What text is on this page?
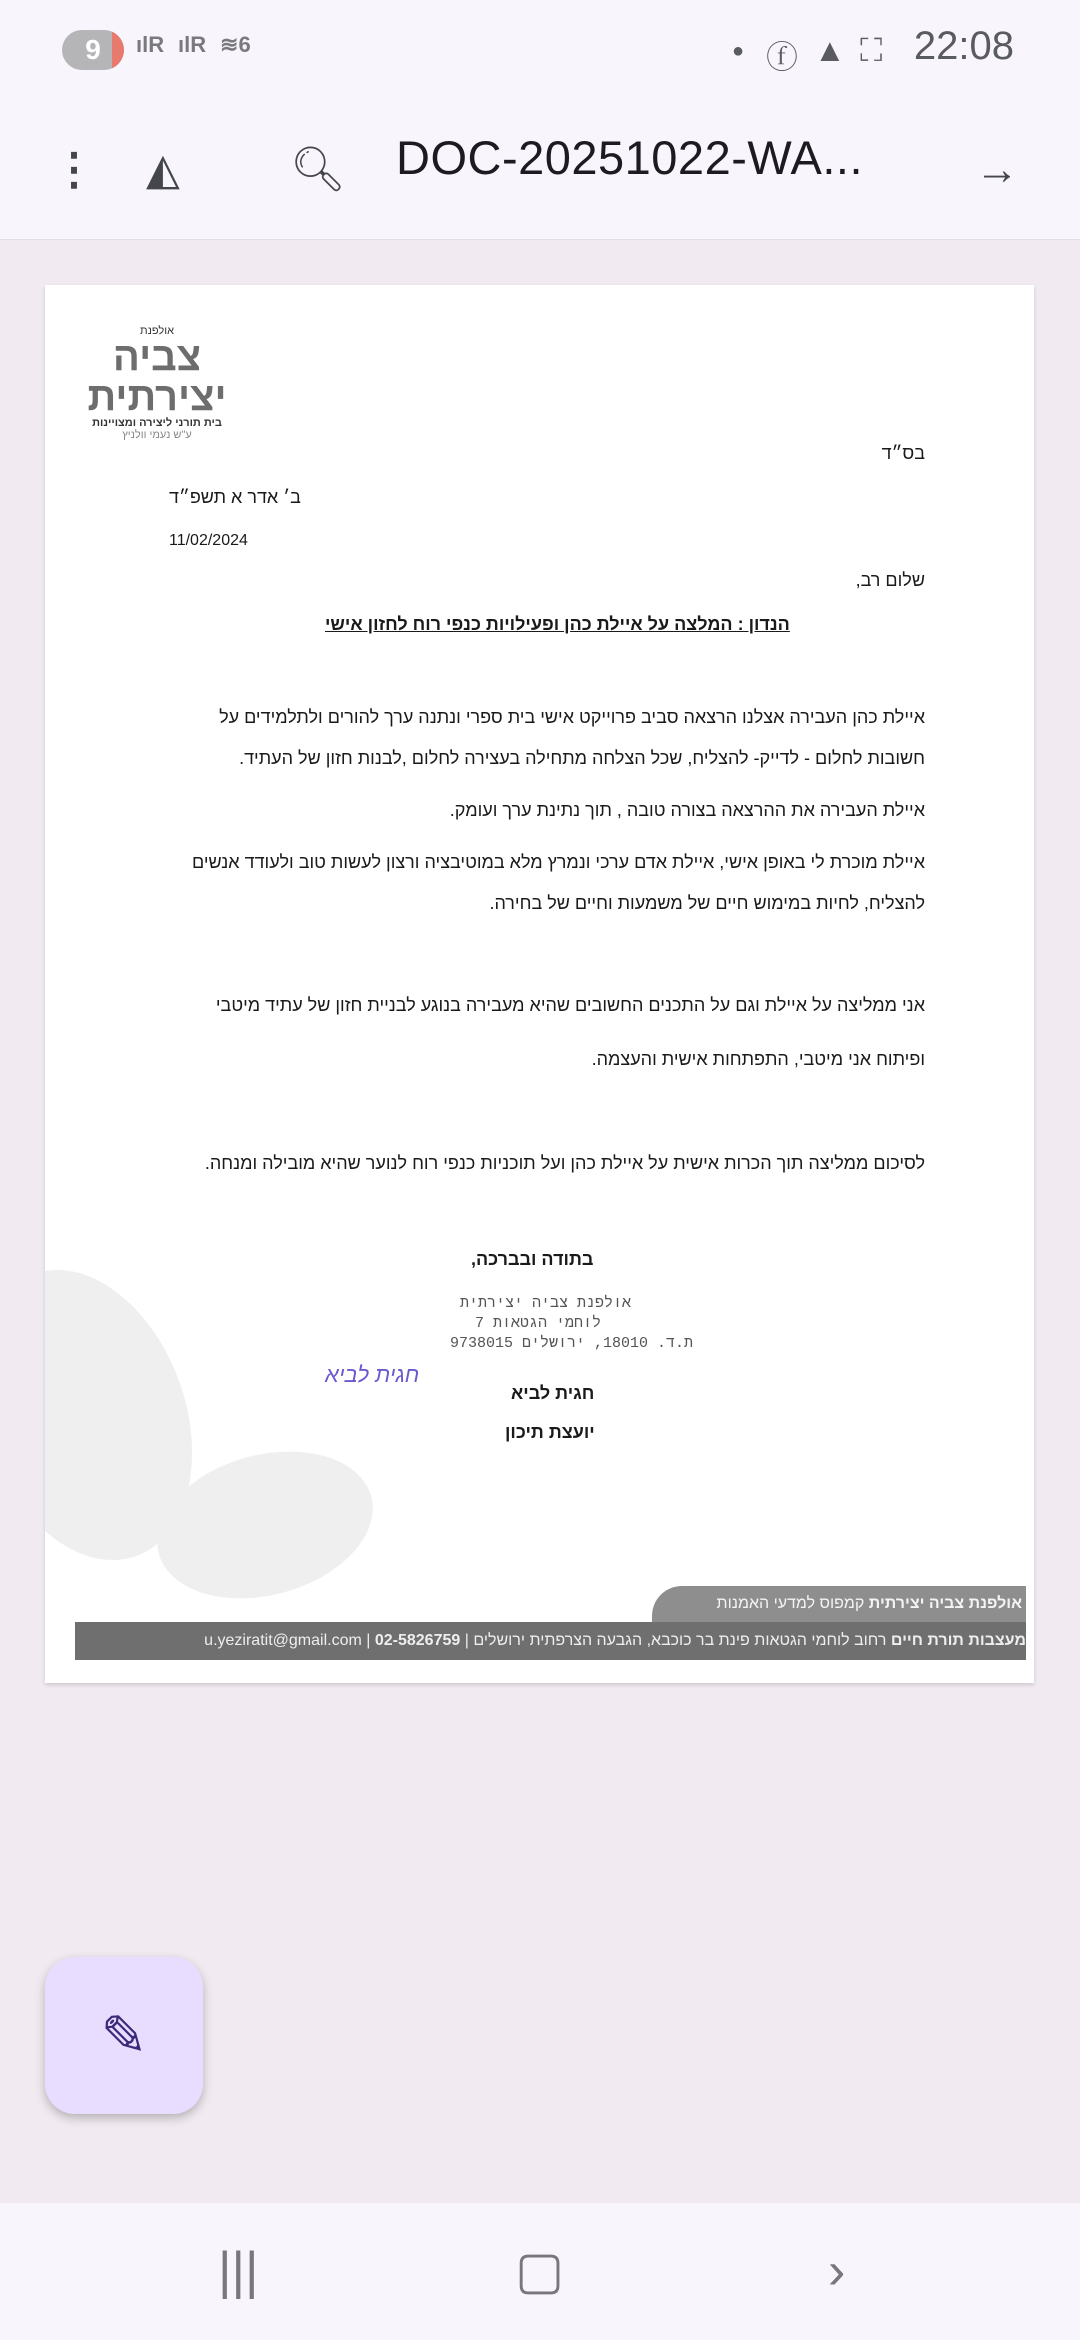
9	ılR ılR ≋6	● ⓕ ▲ ⛶ 22:08
⋮ ◭	🔍︎	→
DOC-20251022-WA...
אולפנת
צביה
יצירתית
בית תורני ליצירה ומצויינות
ע"ש נעמי וולניץ
בס״ד
ב׳ אדר א תשפ״ד
11/02/2024
שלום רב,
הנדון : המלצה על איילת כהן ופעילויות כנפי רוח לחזון אישי
איילת כהן העבירה אצלנו הרצאה סביב פרוייקט אישי בית ספרי ונתנה ערך להורים ולתלמידים על
חשובות לחלום - לדייק- להצליח, שכל הצלחה מתחילה בעצירה לחלום ,לבנות חזון של העתיד.
איילת העבירה את ההרצאה בצורה טובה , תוך נתינת ערך ועומק.
איילת מוכרת לי באופן אישי, איילת אדם ערכי ונמרץ מלא במוטיבציה ורצון לעשות טוב ולעודד אנשים
להצליח, לחיות במימוש חיים של משמעות וחיים של בחירה.
אני ממליצה על איילת וגם על התכנים החשובים שהיא מעבירה בנוגע לבניית חזון של עתיד מיטבי
ופיתוח אני מיטבי, התפתחות אישית והעצמה.
לסיכום ממליצה תוך הכרות אישית על איילת כהן ועל תוכניות כנפי רוח לנוער שהיא מובילה ומנחה.
בתודה ובברכה,
אולפנת צביה יצירתית
לוחמי הגטאות 7
ת.ד. 18010, ירושלים 9738015
חגית לביא
חגית לביא
יועצת תיכון
אולפנת צביה יצירתית קמפוס למדעי האמנות
מעצבות תורת חיים רחוב לוחמי הגטאות פינת בר כוכבא, הגבעה הצרפתית ירושלים | 02-5826759 | u.yeziratit@gmail.com
✎
|||	▢	›
